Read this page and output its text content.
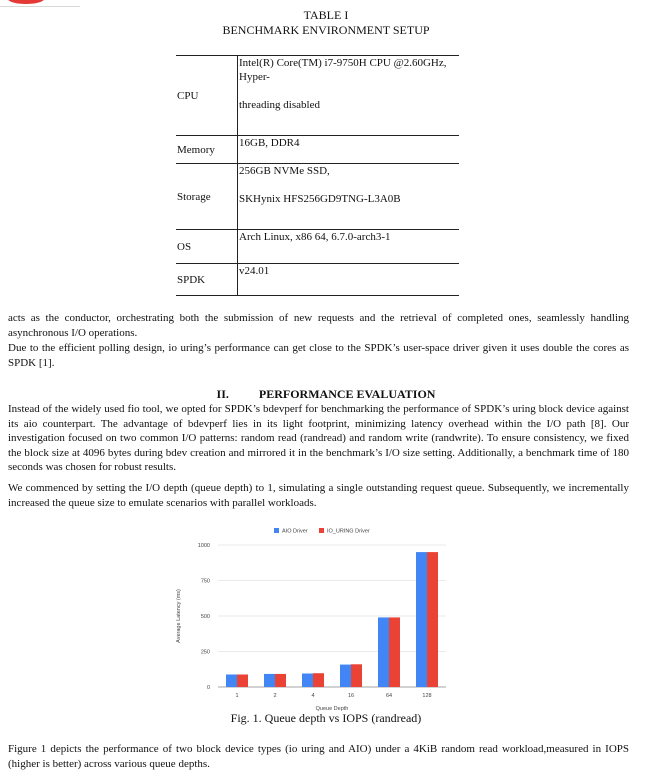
TABLE I
BENCHMARK ENVIRONMENT SETUP
CPU	Intel(R) Core(TM) i7-9750H CPU @2.60GHz,
Hyper-
threading disabled

Memory	16GB, DDR4

Storage	256GB NVMe SSD,
SKHynix HFS256GD9TNG-L3A0B

OS	Arch Linux, x86 64, 6.7.0-arch3-1

SPDK	v24.01
acts as the conductor, orchestrating both the submission of new requests and the retrieval of completed ones, seamlessly handling asynchronous I/O operations.
Due to the efficient polling design, io uring’s performance can get close to the SPDK’s user-space driver given it uses double the cores as SPDK [1].
II.	PERFORMANCE EVALUATION
Instead of the widely used fio tool, we opted for SPDK’s bdevperf for benchmarking the performance of SPDK’s uring block device against its aio counterpart. The advantage of bdevperf lies in its light footprint, minimizing latency overhead within the I/O path [8]. Our investigation focused on two common I/O patterns: random read (randread) and random write (randwrite). To ensure consistency, we fixed the block size at 4096 bytes during bdev creation and mirrored it in the benchmark’s I/O size setting. Additionally, a benchmark time of 180 seconds was chosen for robust results.
We commenced by setting the I/O depth (queue depth) to 1, simulating a single outstanding request queue. Subsequently, we incrementally increased the queue size to emulate scenarios with parallel workloads.
0
250
500
750
1000
Average Latency (ms)
1	2	4	16	64	128
Queue Depth
AIO Driver	IO_URING Driver
Fig. 1. Queue depth vs IOPS (randread)
Figure 1 depicts the performance of two block device types (io uring and AIO) under a 4KiB random read workload,measured in IOPS (higher is better) across various queue depths.
